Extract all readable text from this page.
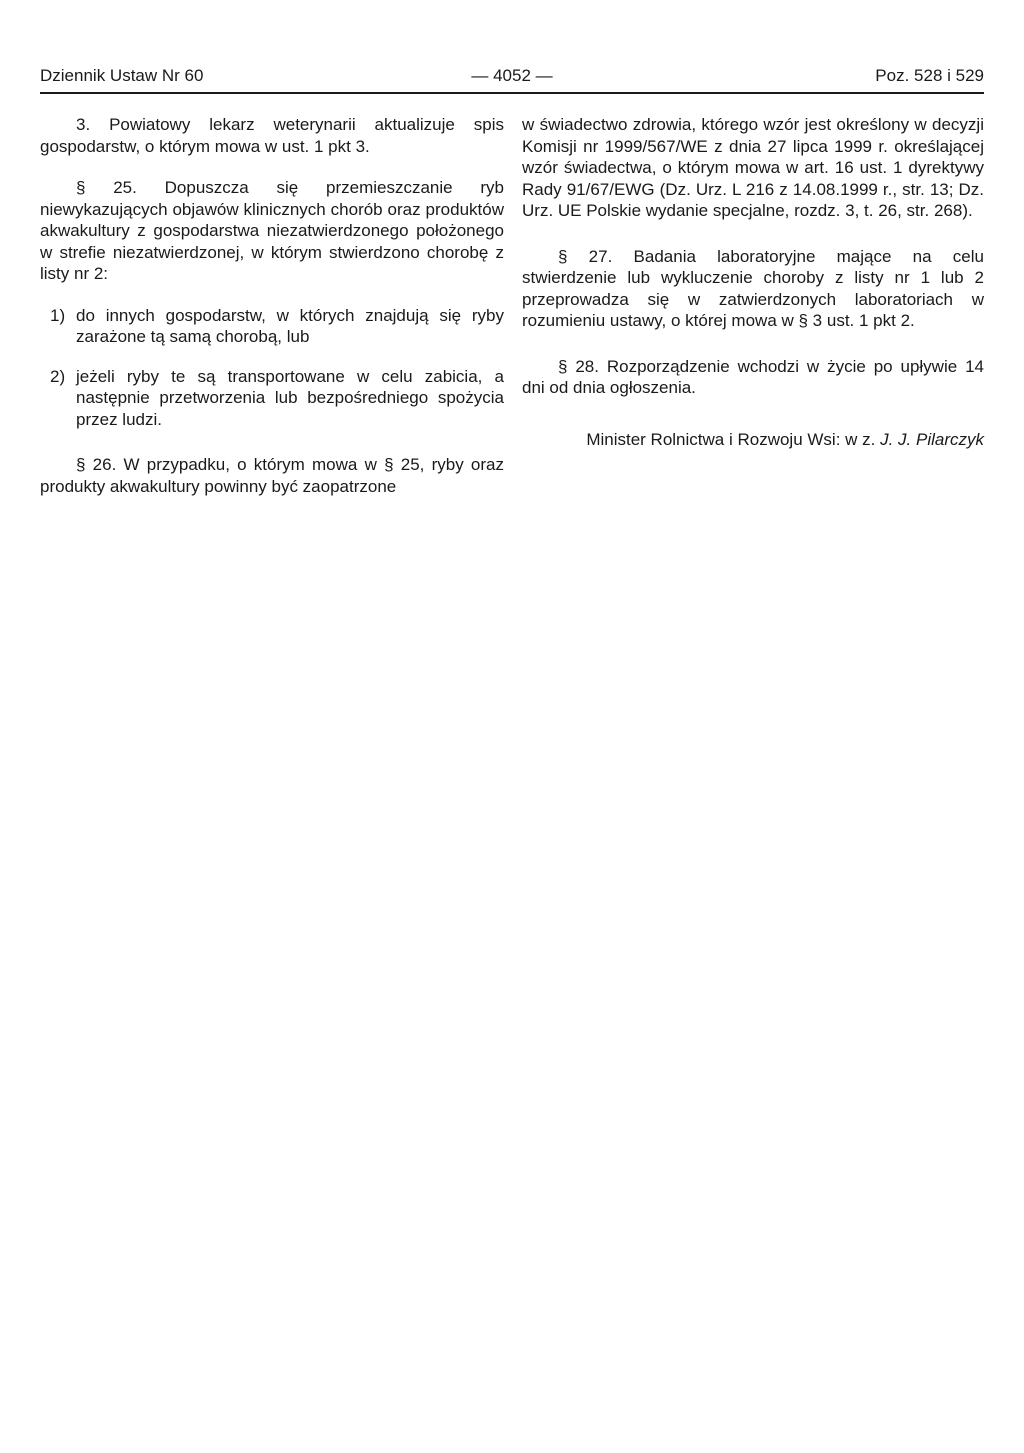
Dziennik Ustaw Nr 60	— 4052 —	Poz. 528 i 529

3. Powiatowy lekarz weterynarii aktualizuje spis gospodarstw, o którym mowa w ust. 1 pkt 3.

§ 25. Dopuszcza się przemieszczanie ryb niewykazujących objawów klinicznych chorób oraz produktów akwakultury z gospodarstwa niezatwierdzonego położonego w strefie niezatwierdzonej, w którym stwierdzono chorobę z listy nr 2:

1) do innych gospodarstw, w których znajdują się ryby zarażone tą samą chorobą, lub
2) jeżeli ryby te są transportowane w celu zabicia, a następnie przetworzenia lub bezpośredniego spożycia przez ludzi.

§ 26. W przypadku, o którym mowa w § 25, ryby oraz produkty akwakultury powinny być zaopatrzone

w świadectwo zdrowia, którego wzór jest określony w decyzji Komisji nr 1999/567/WE z dnia 27 lipca 1999 r. określającej wzór świadectwa, o którym mowa w art. 16 ust. 1 dyrektywy Rady 91/67/EWG (Dz. Urz. L 216 z 14.08.1999 r., str. 13; Dz. Urz. UE Polskie wydanie specjalne, rozdz. 3, t. 26, str. 268).

§ 27. Badania laboratoryjne mające na celu stwierdzenie lub wykluczenie choroby z listy nr 1 lub 2 przeprowadza się w zatwierdzonych laboratoriach w rozumieniu ustawy, o której mowa w § 3 ust. 1 pkt 2.

§ 28. Rozporządzenie wchodzi w życie po upływie 14 dni od dnia ogłoszenia.

Minister Rolnictwa i Rozwoju Wsi: w z. J. J. Pilarczyk
